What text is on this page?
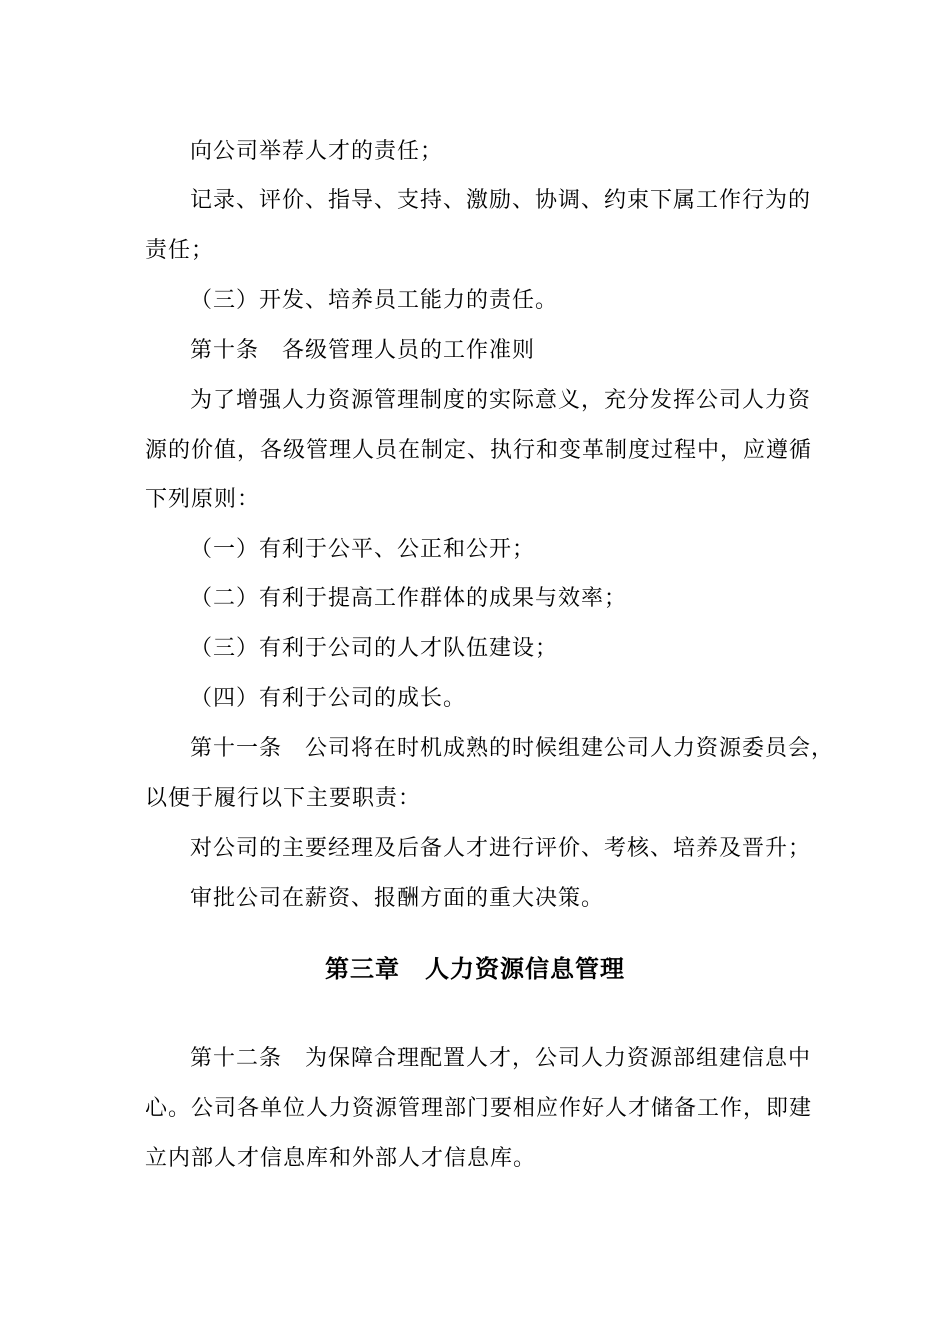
向公司举荐人才的责任；
记录、评价、指导、支持、激励、协调、约束下属工作行为的
责任；
（三）开发、培养员工能力的责任。
第十条　各级管理人员的工作准则
为了增强人力资源管理制度的实际意义，充分发挥公司人力资
源的价值，各级管理人员在制定、执行和变革制度过程中，应遵循
下列原则：
（一）有利于公平、公正和公开；
（二）有利于提高工作群体的成果与效率；
（三）有利于公司的人才队伍建设；
（四）有利于公司的成长。
第十一条　公司将在时机成熟的时候组建公司人力资源委员会，
以便于履行以下主要职责：
对公司的主要经理及后备人才进行评价、考核、培养及晋升；
审批公司在薪资、报酬方面的重大决策。
第三章　人力资源信息管理
第十二条　为保障合理配置人才，公司人力资源部组建信息中
心。公司各单位人力资源管理部门要相应作好人才储备工作，即建
立内部人才信息库和外部人才信息库。
